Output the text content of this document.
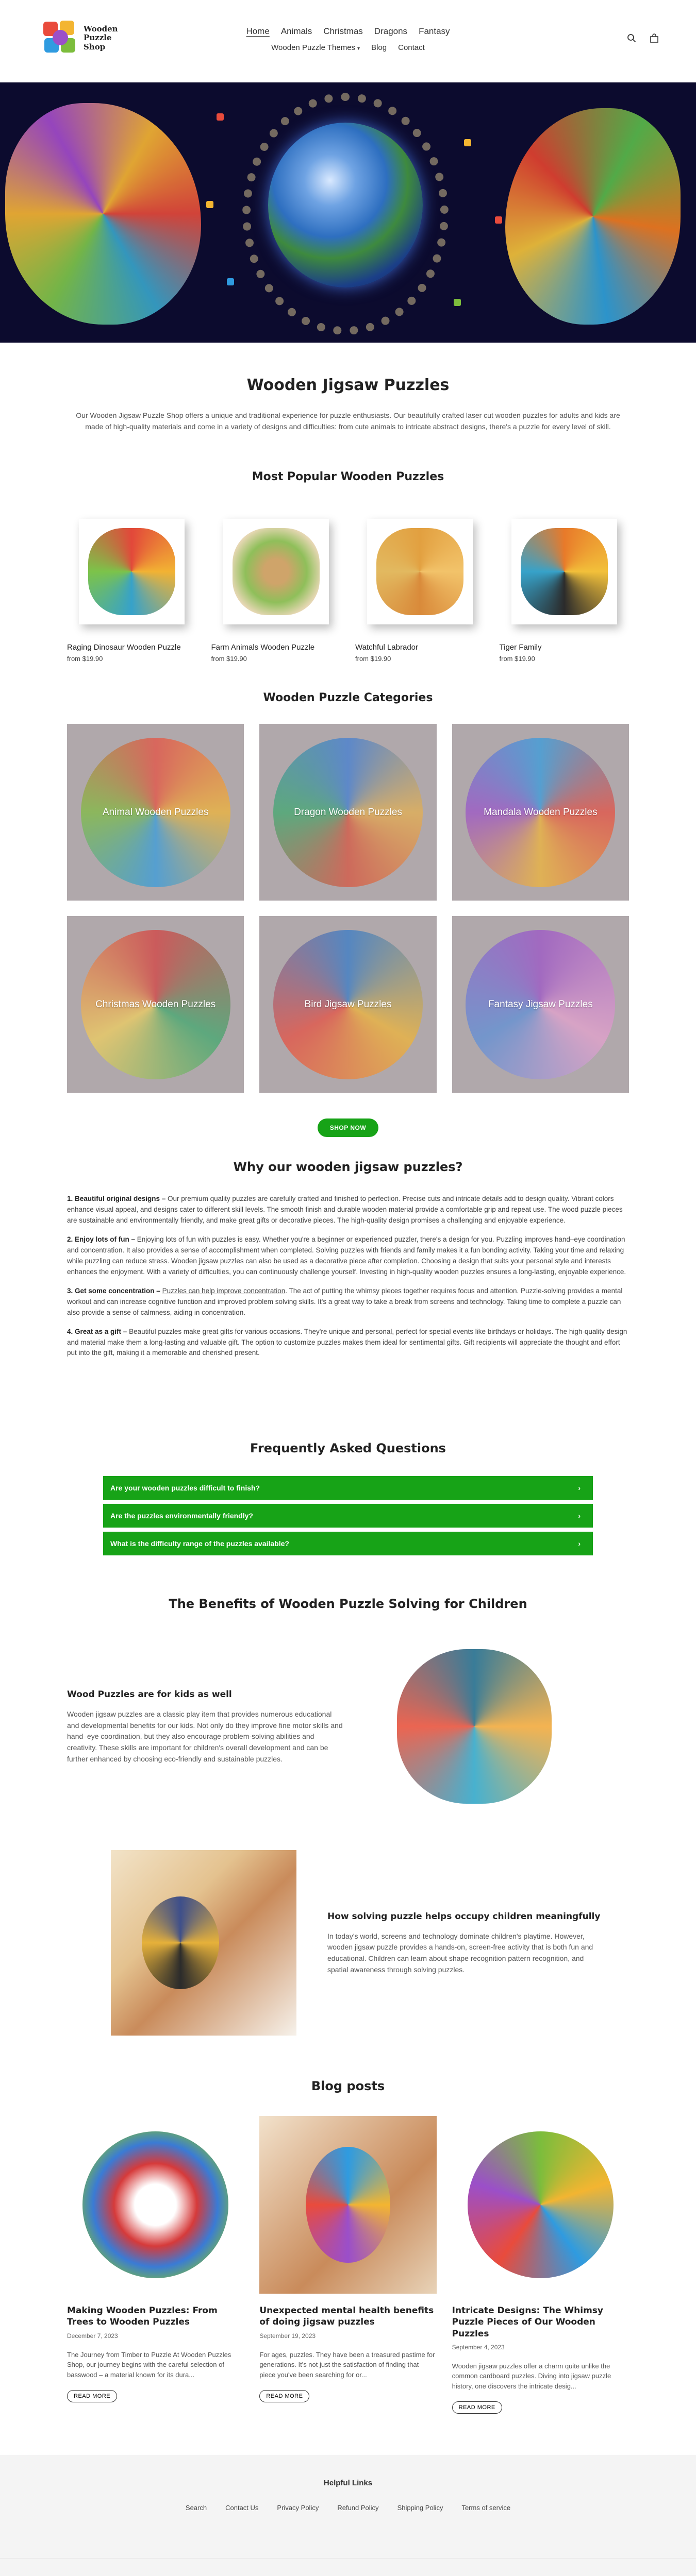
Wooden
Puzzle
Shop
Home Animals Christmas Dragons Fantasy
Wooden Puzzle Themes ▾ Blog Contact
Wooden Jigsaw Puzzles

Our Wooden Jigsaw Puzzle Shop offers a unique and traditional experience for puzzle enthusiasts. Our beautifully crafted laser cut wooden puzzles for adults and kids are made of high-quality materials and come in a variety of designs and difficulties: from cute animals to intricate abstract designs, there's a puzzle for every level of skill.

Most Popular Wooden Puzzles
Raging Dinosaur Wooden Puzzle
from $19.90
Farm Animals Wooden Puzzle
from $19.90
Watchful Labrador
from $19.90
Tiger Family
from $19.90
Wooden Puzzle Categories
Animal Wooden Puzzles	Dragon Wooden Puzzles	Mandala Wooden Puzzles
Christmas Wooden Puzzles	Bird Jigsaw Puzzles	Fantasy Jigsaw Puzzles
SHOP NOW
Why our wooden jigsaw puzzles?

1. Beautiful original designs – Our premium quality puzzles are carefully crafted and finished to perfection. Precise cuts and intricate details add to design quality. Vibrant colors enhance visual appeal, and designs cater to different skill levels. The smooth finish and durable wooden material provide a comfortable grip and repeat use. The wood puzzle pieces are sustainable and environmentally friendly, and make great gifts or decorative pieces. The high-quality design promises a challenging and enjoyable experience.

2. Enjoy lots of fun – Enjoying lots of fun with puzzles is easy. Whether you're a beginner or experienced puzzler, there's a design for you. Puzzling improves hand–eye coordination and concentration. It also provides a sense of accomplishment when completed. Solving puzzles with friends and family makes it a fun bonding activity. Taking your time and relaxing while puzzling can reduce stress. Wooden jigsaw puzzles can also be used as a decorative piece after completion. Choosing a design that suits your personal style and interests enhances the enjoyment. With a variety of difficulties, you can continuously challenge yourself. Investing in high-quality wooden puzzles ensures a long-lasting, enjoyable experience.

3. Get some concentration – Puzzles can help improve concentration. The act of putting the whimsy pieces together requires focus and attention. Puzzle-solving provides a mental workout and can increase cognitive function and improved problem solving skills. It's a great way to take a break from screens and technology. Taking time to complete a puzzle can also provide a sense of calmness, aiding in concentration.

4. Great as a gift – Beautiful puzzles make great gifts for various occasions. They're unique and personal, perfect for special events like birthdays or holidays. The high-quality design and material make them a long-lasting and valuable gift. The option to customize puzzles makes them ideal for sentimental gifts. Gift recipients will appreciate the thought and effort put into the gift, making it a memorable and cherished present.

Frequently Asked Questions
Are your wooden puzzles difficult to finish?	›
Are the puzzles environmentally friendly?	›
What is the difficulty range of the puzzles available?	›
The Benefits of Wooden Puzzle Solving for Children
Wood Puzzles are for kids as well

Wooden jigsaw puzzles are a classic play item that provides numerous educational and developmental benefits for our kids. Not only do they improve fine motor skills and hand–eye coordination, but they also encourage problem-solving abilities and creativity. These skills are important for children's overall development and can be further enhanced by choosing eco-friendly and sustainable puzzles.

How solving puzzle helps occupy children meaningfully

In today's world, screens and technology dominate children's playtime. However, wooden jigsaw puzzle provides a hands-on, screen-free activity that is both fun and educational. Children can learn about shape recognition pattern recognition, and spatial awareness through solving puzzles.

Blog posts
Making Wooden Puzzles: From Trees to Wooden Puzzles
December 7, 2023
The Journey from Timber to Puzzle At Wooden Puzzles Shop, our journey begins with the careful selection of basswood – a material known for its dura...
READ MORE
Unexpected mental health benefits of doing jigsaw puzzles
September 19, 2023
For ages, puzzles. They have been a treasured pastime for generations. It's not just the satisfaction of finding that piece you've been searching for or...
READ MORE
Intricate Designs: The Whimsy Puzzle Pieces of Our Wooden Puzzles
September 4, 2023
Wooden jigsaw puzzles offer a charm quite unlike the common cardboard puzzles. Diving into jigsaw puzzle history, one discovers the intricate desig...
READ MORE
Helpful Links
Search	Contact Us	Privacy Policy	Refund Policy	Shipping Policy	Terms of service
